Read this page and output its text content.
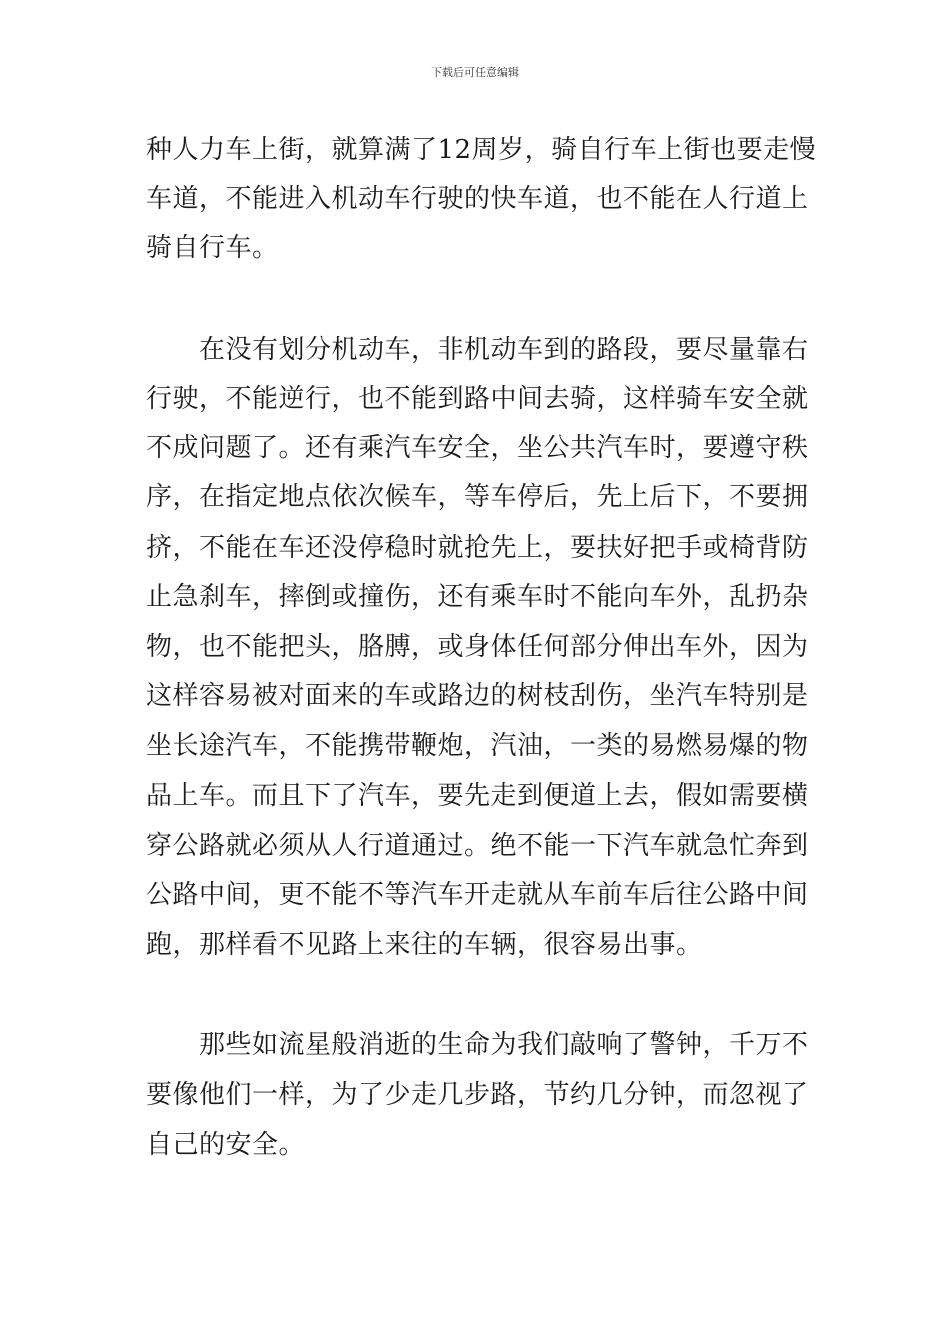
下载后可任意编辑
种人力车上街，就算满了12周岁，骑自行车上街也要走慢
车道，不能进入机动车行驶的快车道，也不能在人行道上
骑自行车。
　　在没有划分机动车，非机动车到的路段，要尽量靠右
行驶，不能逆行，也不能到路中间去骑，这样骑车安全就
不成问题了。还有乘汽车安全，坐公共汽车时，要遵守秩
序，在指定地点依次候车，等车停后，先上后下，不要拥
挤，不能在车还没停稳时就抢先上，要扶好把手或椅背防
止急刹车，摔倒或撞伤，还有乘车时不能向车外，乱扔杂
物，也不能把头，胳膊，或身体任何部分伸出车外，因为
这样容易被对面来的车或路边的树枝刮伤，坐汽车特别是
坐长途汽车，不能携带鞭炮，汽油，一类的易燃易爆的物
品上车。而且下了汽车，要先走到便道上去，假如需要横
穿公路就必须从人行道通过。绝不能一下汽车就急忙奔到
公路中间，更不能不等汽车开走就从车前车后往公路中间
跑，那样看不见路上来往的车辆，很容易出事。
　　那些如流星般消逝的生命为我们敲响了警钟，千万不
要像他们一样，为了少走几步路，节约几分钟，而忽视了
自己的安全。
